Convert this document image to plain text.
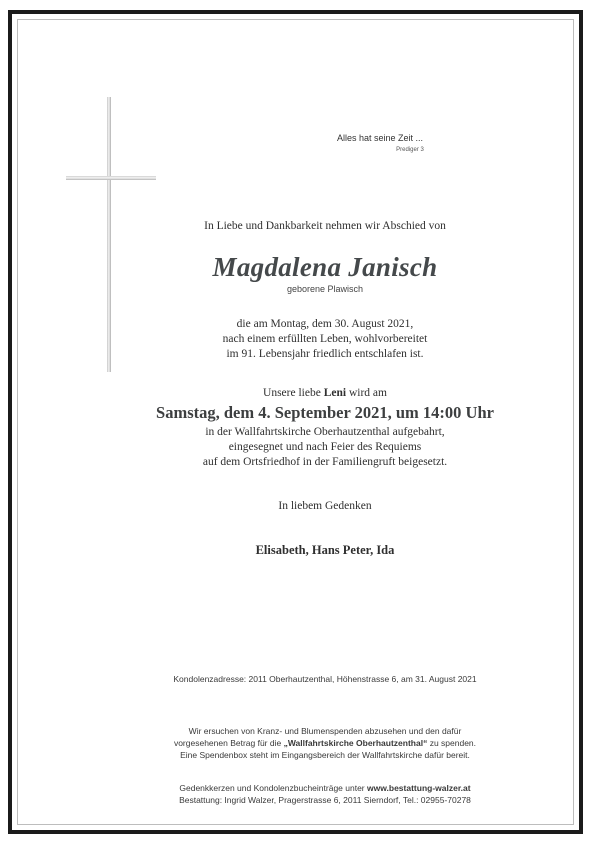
Alles hat seine Zeit ...
Prediger 3
In Liebe und Dankbarkeit nehmen wir Abschied von
Magdalena Janisch
geborene Plawisch
die am Montag, dem 30. August 2021,
nach einem erfüllten Leben, wohlvorbereitet
im 91. Lebensjahr friedlich entschlafen ist.
Unsere liebe Leni wird am
Samstag, dem 4. September 2021, um 14:00 Uhr
in der Wallfahrtskirche Oberhautzenthal aufgebahrt,
eingesegnet und nach Feier des Requiems
auf dem Ortsfriedhof in der Familiengruft beigesetzt.
In liebem Gedenken
Elisabeth, Hans Peter, Ida
Kondolenzadresse: 2011 Oberhautzenthal, Höhenstrasse 6, am 31. August 2021
Wir ersuchen von Kranz- und Blumenspenden abzusehen und den dafür
vorgesehenen Betrag für die „Wallfahrtskirche Oberhautzenthal“ zu spenden.
Eine Spendenbox steht im Eingangsbereich der Wallfahrtskirche dafür bereit.
Gedenkkerzen und Kondolenzbucheinträge unter www.bestattung-walzer.at
Bestattung: Ingrid Walzer, Pragerstrasse 6, 2011 Sierndorf, Tel.: 02955-70278
